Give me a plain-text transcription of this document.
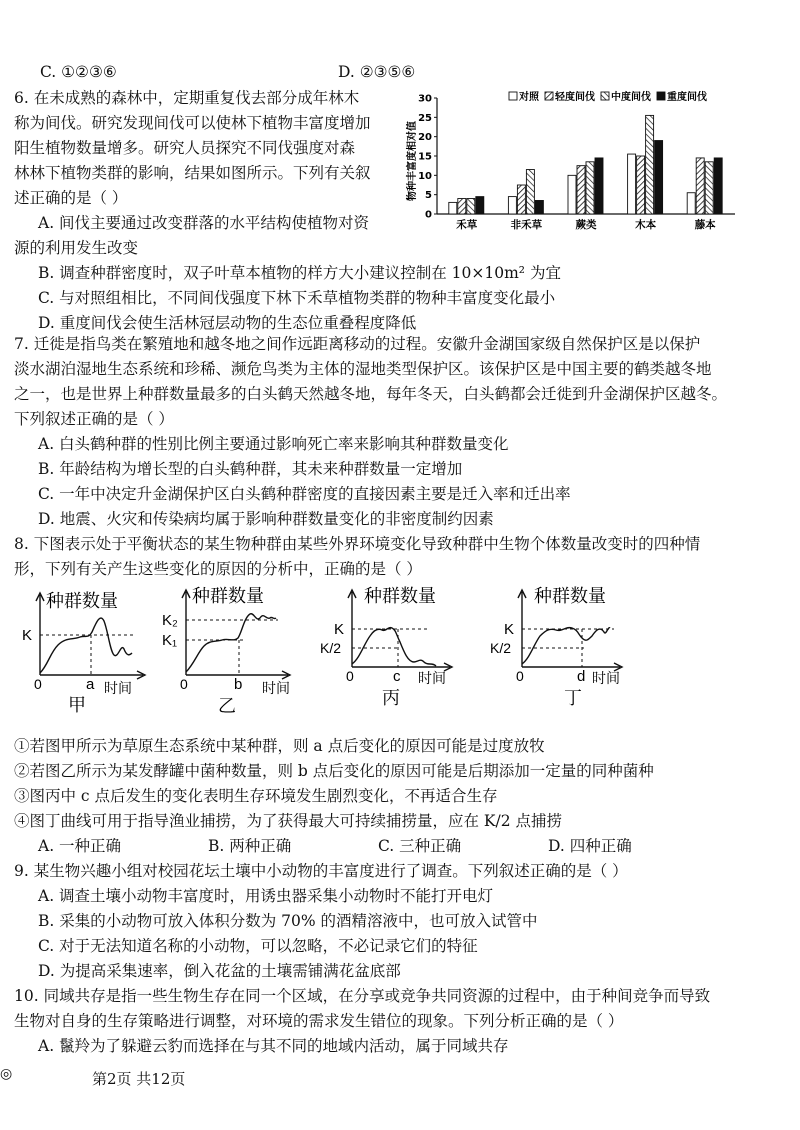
C. ①②③⑥	D. ②③⑤⑥
6. 在未成熟的森林中，定期重复伐去部分成年林木
称为间伐。研究发现间伐可以使林下植物丰富度增加
阳生植物数量增多。研究人员探究不同伐强度对森
林林下植物类群的影响，结果如图所示。下列有关叙
述正确的是（ ）
A. 间伐主要通过改变群落的水平结构使植物对资
源的利用发生改变
B. 调查种群密度时，双子叶草本植物的样方大小建议控制在 10×10m² 为宜
C. 与对照组相比，不同间伐强度下林下禾草植物类群的物种丰富度变化最小
D. 重度间伐会使生活林冠层动物的生态位重叠程度降低
物种丰富度相对值
0
5
10
15
20
25
30
禾草	非禾草	蕨类	木本	藤本
对照 轻度间伐 中度间伐 重度间伐
7. 迁徙是指鸟类在繁殖地和越冬地之间作远距离移动的过程。安徽升金湖国家级自然保护区是以保护
淡水湖泊湿地生态系统和珍稀、濒危鸟类为主体的湿地类型保护区。该保护区是中国主要的鹤类越冬地
之一，也是世界上种群数量最多的白头鹤天然越冬地，每年冬天，白头鹤都会迁徙到升金湖保护区越冬。
下列叙述正确的是（ ）
A. 白头鹤种群的性别比例主要通过影响死亡率来影响其种群数量变化
B. 年龄结构为增长型的白头鹤种群，其未来种群数量一定增加
C. 一年中决定升金湖保护区白头鹤种群密度的直接因素主要是迁入率和迁出率
D. 地震、火灾和传染病均属于影响种群数量变化的非密度制约因素
8. 下图表示处于平衡状态的某生物种群由某些外界环境变化导致种群中生物个体数量改变时的四种情
形，下列有关产生这些变化的原因的分析中，正确的是（ ）
种群数量
K
0	a 时间
甲
种群数量
K₂
K₁
0	b 时间
乙
种群数量
K
K/2
0	c 时间
丙
种群数量
K
K/2
0	d 时间
丁
①若图甲所示为草原生态系统中某种群，则 a 点后变化的原因可能是过度放牧
②若图乙所示为某发酵罐中菌种数量，则 b 点后变化的原因可能是后期添加一定量的同种菌种
③图丙中 c 点后发生的变化表明生存环境发生剧烈变化，不再适合生存
④图丁曲线可用于指导渔业捕捞，为了获得最大可持续捕捞量，应在 K/2 点捕捞
A. 一种正确	B. 两种正确	C. 三种正确	D. 四种正确
9. 某生物兴趣小组对校园花坛土壤中小动物的丰富度进行了调查。下列叙述正确的是（ ）
A. 调查土壤小动物丰富度时，用诱虫器采集小动物时不能打开电灯
B. 采集的小动物可放入体积分数为 70% 的酒精溶液中，也可放入试管中
C. 对于无法知道名称的小动物，可以忽略，不必记录它们的特征
D. 为提高采集速率，倒入花盆的土壤需铺满花盆底部
10. 同域共存是指一些生物生存在同一个区域，在分享或竞争共同资源的过程中，由于种间竞争而导致
生物对自身的生存策略进行调整，对环境的需求发生错位的现象。下列分析正确的是（ ）
A. 鬣羚为了躲避云豹而选择在与其不同的地域内活动，属于同域共存
◎	第2页 共12页
